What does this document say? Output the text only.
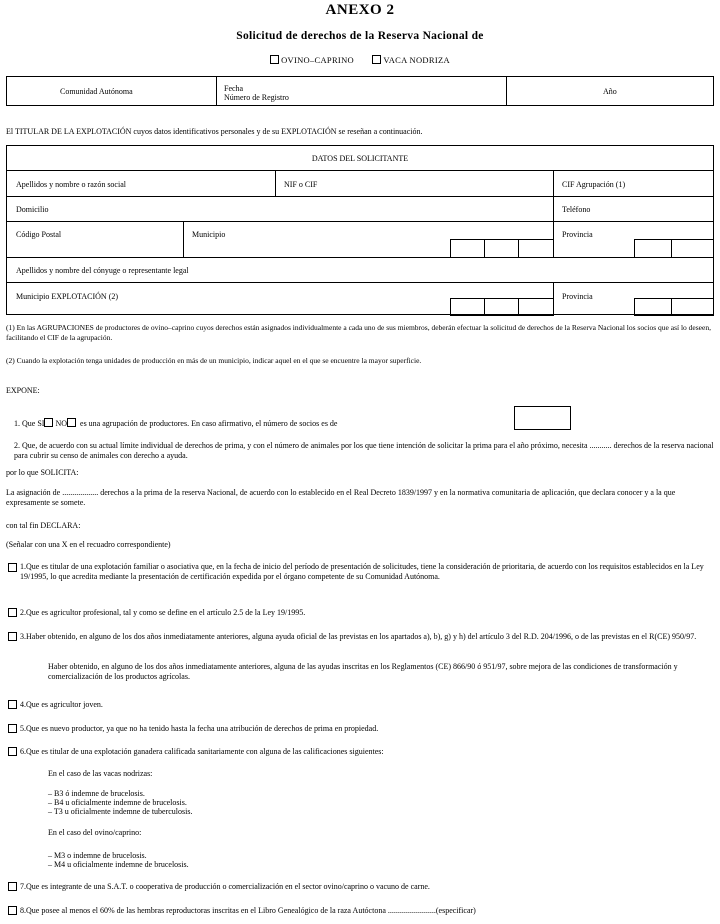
ANEXO 2
Solicitud de derechos de la Reserva Nacional de
OVINO–CAPRINO	VACA NODRIZA
Comunidad Autónoma	Fecha
Número de Registro
Año
El TITULAR DE LA EXPLOTACIÓN cuyos datos identificativos personales y de su EXPLOTACIÓN se reseñan a continuación.
DATOS DEL SOLICITANTE
Apellidos y nombre o razón social	NIF o CIF	CIF Agrupación (1)
Domicilio	Teléfono
Código Postal	Municipio	Provincia
Apellidos y nombre del cónyuge o representante legal
Municipio EXPLOTACIÓN (2)	Provincia
(1) En las AGRUPACIONES de productores de ovino–caprino cuyos derechos están asignados individualmente a cada uno de sus miembros, deberán efectuar la solicitud de derechos de la Reserva Nacional los socios que así lo deseen, facilitando el CIF de la agrupación.
(2) Cuando la explotación tenga unidades de producción en más de un municipio, indicar aquel en el que se encuentre la mayor superficie.
EXPONE:
1. Que SI NO es una agrupación de productores. En caso afirmativo, el número de socios es de
2. Que, de acuerdo con su actual límite individual de derechos de prima, y con el número de animales por los que tiene intención de solicitar la prima para el año próximo, necesita ........... derechos de la reserva nacional para cubrir su censo de animales con derecho a ayuda.
por lo que SOLICITA:
La asignación de .................. derechos a la prima de la reserva Nacional, de acuerdo con lo establecido en el Real Decreto 1839/1997 y en la normativa comunitaria de aplicación, que declara conocer y a la que expresamente se somete.
con tal fin DECLARA:
(Señalar con una X en el recuadro correspondiente)
1.Que es titular de una explotación familiar o asociativa que, en la fecha de inicio del período de presentación de solicitudes, tiene la consideración de prioritaria, de acuerdo con los requisitos establecidos en la Ley 19/1995, lo que acredita mediante la presentación de certificación expedida por el órgano competente de su Comunidad Autónoma.
2.Que es agricultor profesional, tal y como se define en el artículo 2.5 de la Ley 19/1995.
3.Haber obtenido, en alguno de los dos años inmediatamente anteriores, alguna ayuda oficial de las previstas en los apartados a), b), g) y h) del artículo 3 del R.D. 204/1996, o de las previstas en el R(CE) 950/97.
Haber obtenido, en alguno de los dos años inmediatamente anteriores, alguna de las ayudas inscritas en los Reglamentos (CE) 866/90 ó 951/97, sobre mejora de las condiciones de transformación y comercialización de los productos agrícolas.
4.Que es agricultor joven.
5.Que es nuevo productor, ya que no ha tenido hasta la fecha una atribución de derechos de prima en propiedad.
6.Que es titular de una explotación ganadera calificada sanitariamente con alguna de las calificaciones siguientes:
En el caso de las vacas nodrizas:
– B3 ó indemne de brucelosis.
– B4 u oficialmente indemne de brucelosis.
– T3 u oficialmente indemne de tuberculosis.
En el caso del ovino/caprino:
– M3 o indemne de brucelosis.
– M4 u oficialmente indemne de brucelosis.
7.Que es integrante de una S.A.T. o cooperativa de producción o comercialización en el sector ovino/caprino o vacuno de carne.
8.Que posee al menos el 60% de las hembras reproductoras inscritas en el Libro Genealógico de la raza Autóctona ........................(especificar)
